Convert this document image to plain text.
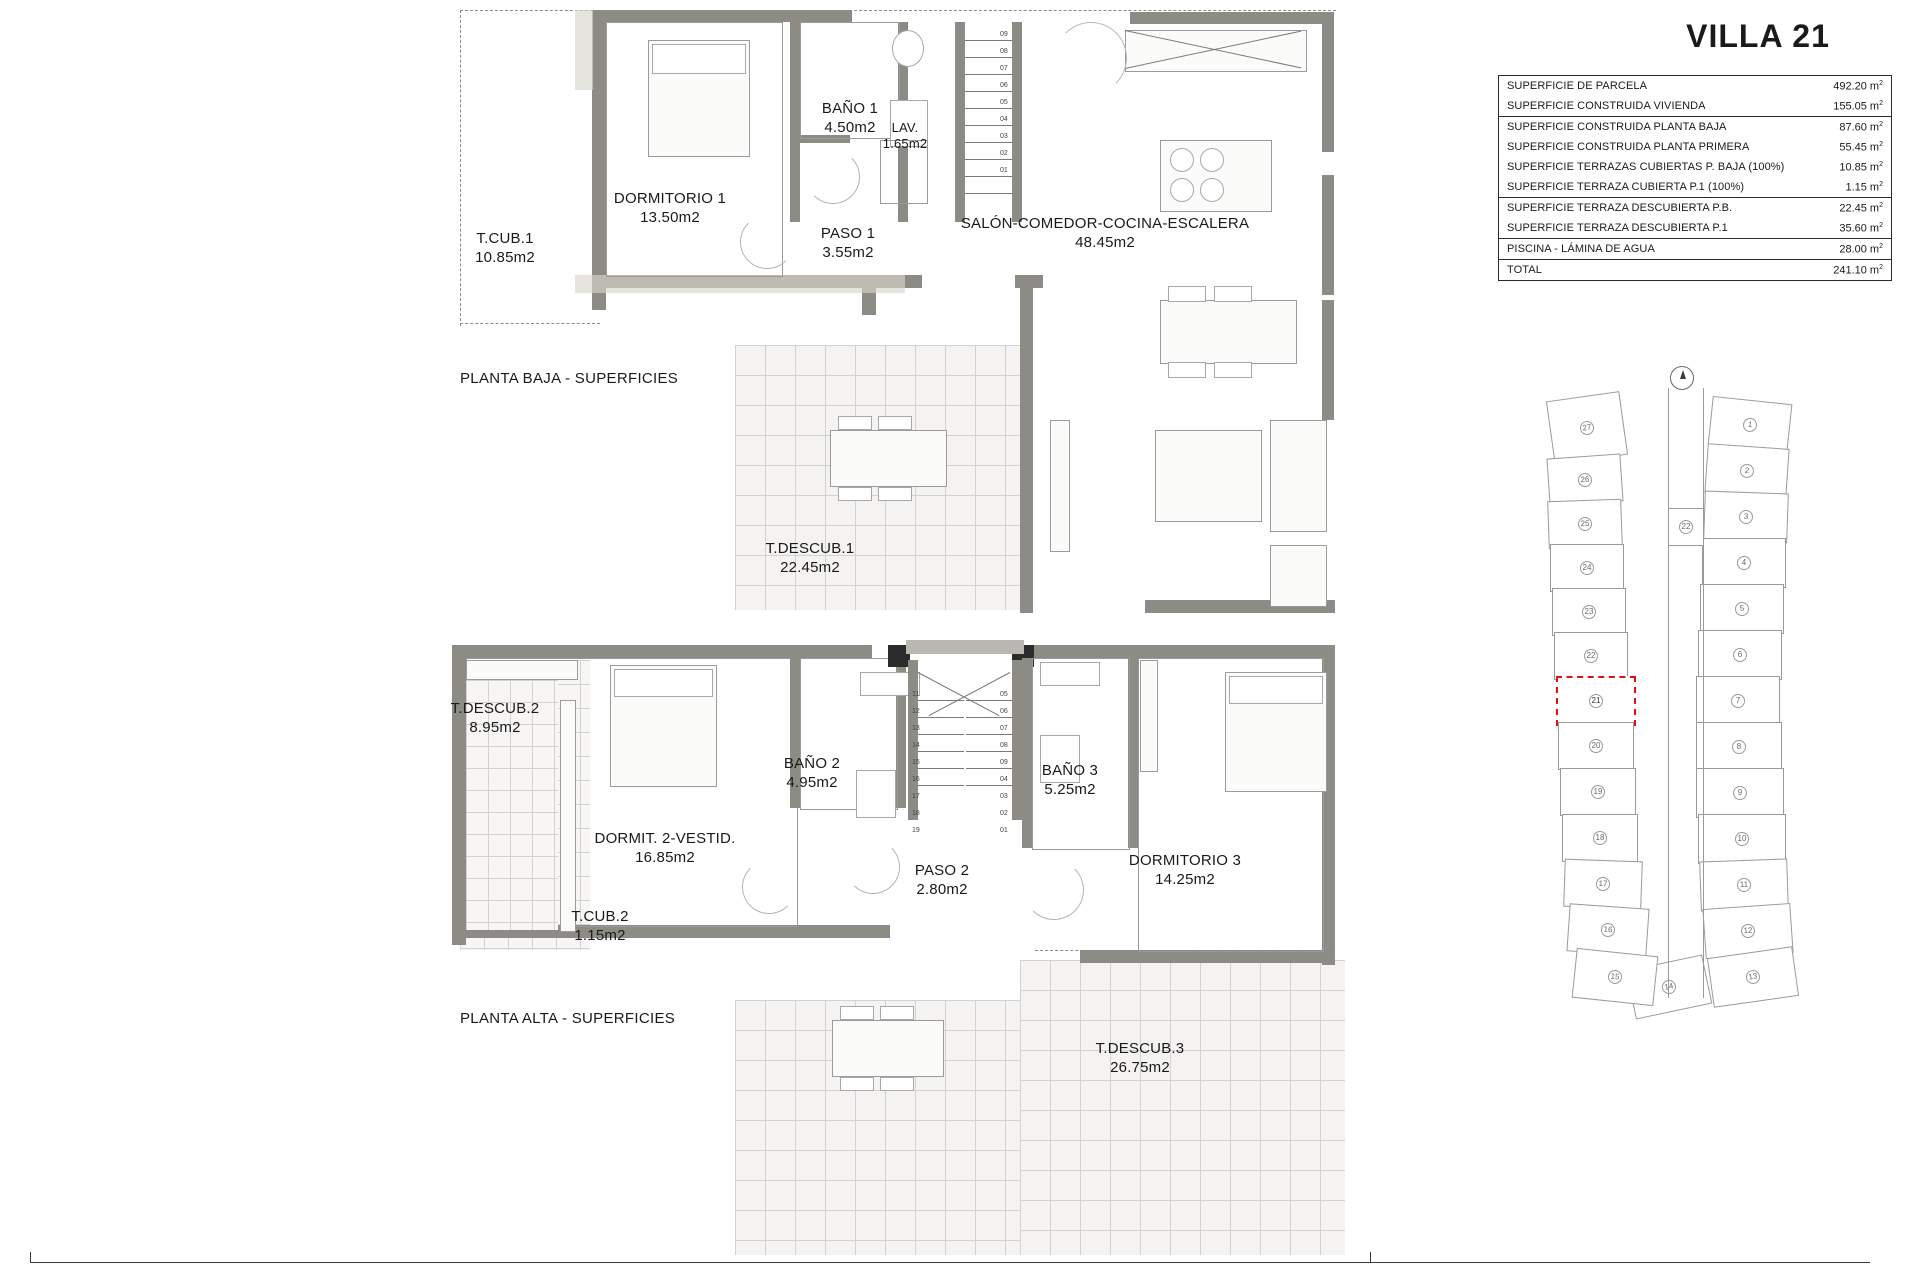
VILLA 21
SUPERFICIE DE PARCELA	492.20 $m^2$
SUPERFICIE CONSTRUIDA VIVIENDA	155.05 $m^2$
SUPERFICIE CONSTRUIDA PLANTA BAJA	87.60 $m^2$
SUPERFICIE CONSTRUIDA PLANTA PRIMERA	55.45 $m^2$
SUPERFICIE TERRAZAS CUBIERTAS P. BAJA (100%)	10.85 $m^2$
SUPERFICIE TERRAZA CUBIERTA P.1 (100%)	1.15 $m^2$
SUPERFICIE TERRAZA DESCUBIERTA P.B.	22.45 $m^2$
SUPERFICIE TERRAZA DESCUBIERTA P.1	35.60 $m^2$
PISCINA - LÁMINA DE AGUA	28.00 $m^2$
TOTAL	241.10 $m^2$
09
08
07
06
05
04
03
02
01
DORMITORIO 1
13.50m2
BAÑO 1
4.50m2	LAV.
1.65m2
PASO 1
3.55m2
SALÓN-COMEDOR-COCINA-ESCALERA
48.45m2
T.CUB.1
10.85m2
T.DESCUB.1
22.45m2
PLANTA BAJA - SUPERFICIES
11
12
13
14
15
16
17
18
19
05
06
07
08
09
04
03
02
01
T.DESCUB.2
8.95m2
DORMIT. 2-VESTID.
16.85m2
BAÑO 2
4.95m2
PASO 2
2.80m2
BAÑO 3
5.25m2
DORMITORIO 3
14.25m2
T.CUB.2
1.15m2
T.DESCUB.3
26.75m2
PLANTA ALTA - SUPERFICIES
1
2
3
4
5
6
7
8
9
10
11
12
13
14
27
26
25
24
23
22
21
20
19
18
17
16
15
22
